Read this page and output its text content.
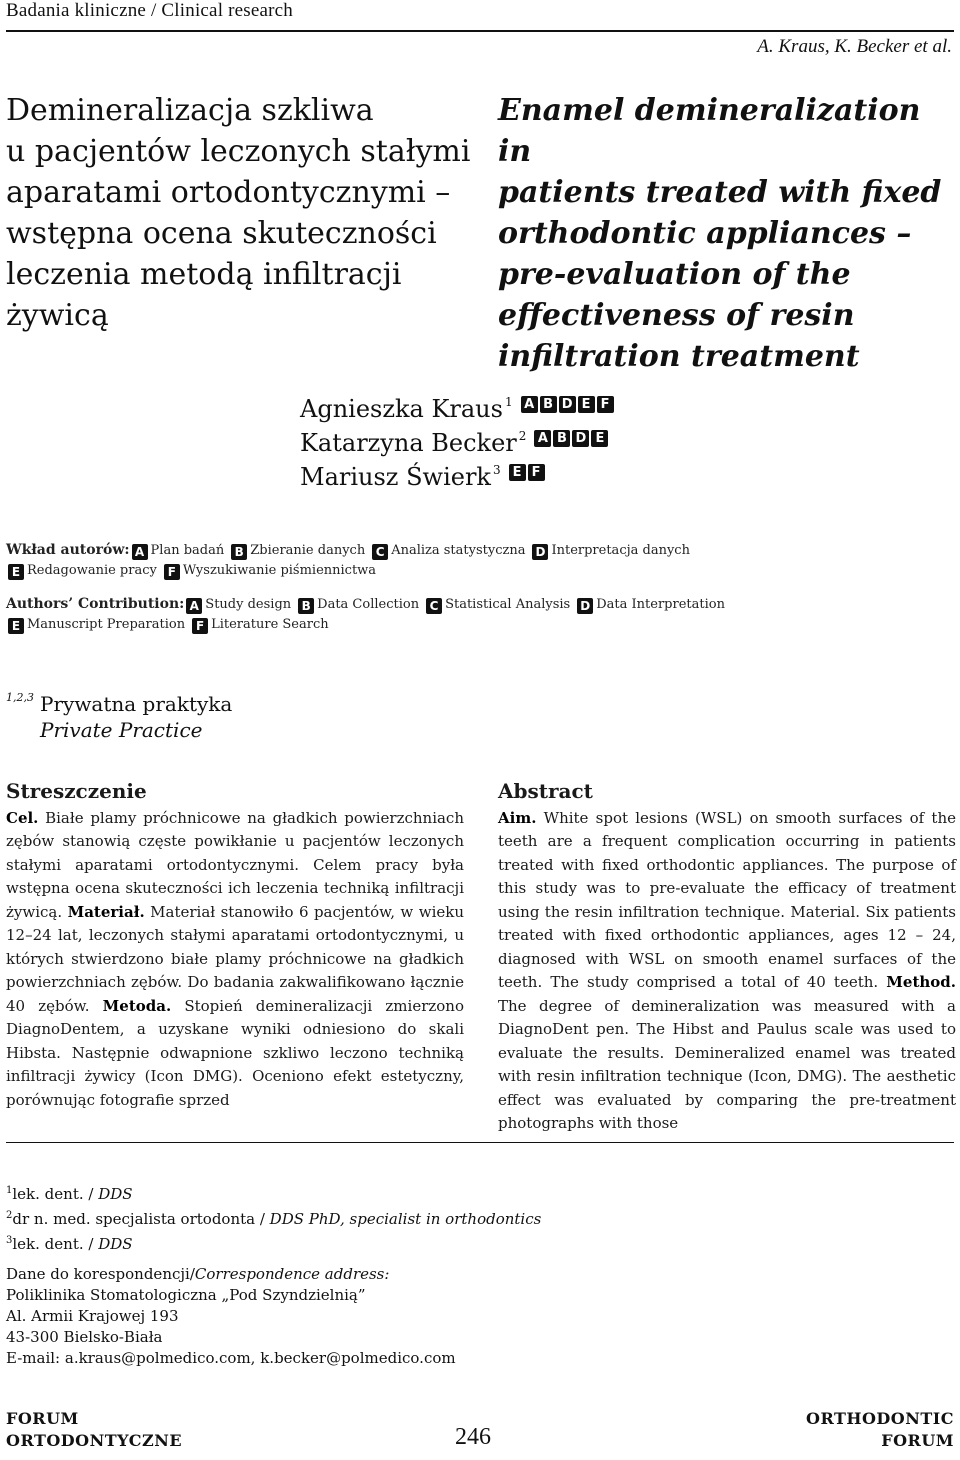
Badania kliniczne / Clinical research
A. Kraus, K. Becker et al.
Demineralizacja szkliwa
u pacjentów leczonych stałymi
aparatami ortodontycznymi –
wstępna ocena skuteczności
leczenia metodą infiltracji
żywicą
Enamel demineralization in
patients treated with fixed
orthodontic appliances –
pre-evaluation of the
effectiveness of resin
infiltration treatment
Agnieszka Kraus $^1$ A B D E F
Katarzyna Becker $^2$ A B D E
Mariusz Świerk $^3$ E F
Wkład autorów: A Plan badań B Zbieranie danych C Analiza statystyczna D Interpretacja danych
E Redagowanie pracy F Wyszukiwanie piśmiennictwa
Authors’ Contribution: A Study design B Data Collection C Statistical Analysis D Data Interpretation
E Manuscript Preparation F Literature Search
$^{1,2,3}$ Prywatna praktyka
Private Practice
Streszczenie

Cel. Białe plamy próchnicowe na gładkich powierzchniach zębów stanowią częste powikłanie u pacjentów leczonych stałymi aparatami ortodontycznymi. Celem pracy była wstępna ocena skuteczności ich leczenia techniką infiltracji żywicą. Materiał. Materiał stanowiło 6 pacjentów, w wieku 12–24 lat, leczonych stałymi aparatami ortodontycznymi, u których stwierdzono białe plamy próchnicowe na gładkich powierzchniach zębów. Do badania zakwalifikowano łącznie 40 zębów. Metoda. Stopień demineralizacji zmierzono DiagnoDentem, a uzyskane wyniki odniesiono do skali Hibsta. Następnie odwapnione szkliwo leczono techniką infiltracji żywicy (Icon DMG). Oceniono efekt estetyczny, porównując fotografie sprzed

Abstract

Aim. White spot lesions (WSL) on smooth surfaces of the teeth are a frequent complication occurring in patients treated with fixed orthodontic appliances. The purpose of this study was to pre-evaluate the efficacy of treatment using the resin infiltration technique. Material. Six patients treated with fixed orthodontic appliances, ages 12 – 24, diagnosed with WSL on smooth enamel surfaces of the teeth. The study comprised a total of 40 teeth. Method. The degree of demineralization was measured with a DiagnoDent pen. The Hibst and Paulus scale was used to evaluate the results. Demineralized enamel was treated with resin infiltration technique (Icon, DMG). The aesthetic effect was evaluated by comparing the pre-treatment photographs with those

$^1$lek. dent. / DDS
$^2$dr n. med. specjalista ortodonta / DDS PhD, specialist in orthodontics
$^3$lek. dent. / DDS
Dane do korespondencji/Correspondence address:
Poliklinika Stomatologiczna „Pod Szyndzielnią”
Al. Armii Krajowej 193
43-300 Bielsko-Biała
E-mail: a.kraus@polmedico.com, k.becker@polmedico.com
FORUM
ORTODONTYCZNE	246
ORTHODONTIC
FORUM
